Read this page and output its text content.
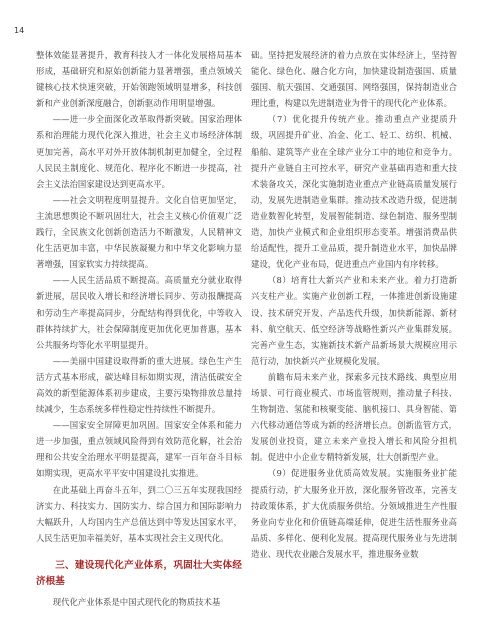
14

整体效能显著提升，教育科技人才一体化发展格局基本形成，基础研究和原始创新能力显著增强，重点领域关键核心技术快速突破，开始领跑领域明显增多，科技创新和产业创新深度融合，创新驱动作用明显增强。

——进一步全面深化改革取得新突破。国家治理体系和治理能力现代化深入推进，社会主义市场经济体制更加完善，高水平对外开放体制机制更加健全，全过程人民民主制度化、规范化、程序化不断进一步提高，社会主义法治国家建设达到更高水平。

——社会文明程度明显提升。文化自信更加坚定，主流思想舆论不断巩固壮大，社会主义核心价值观广泛践行，全民族文化创新创造活力不断激发，人民精神文化生活更加丰富，中华民族凝聚力和中华文化影响力显著增强，国家软实力持续提高。

——人民生活品质不断提高。高质量充分就业取得新进展，居民收入增长和经济增长同步、劳动报酬提高和劳动生产率提高同步，分配结构得到优化，中等收入群体持续扩大，社会保障制度更加优化更加普惠，基本公共服务均等化水平明显提升。

——美丽中国建设取得新的重大进展。绿色生产生活方式基本形成，碳达峰目标如期实现，清洁低碳安全高效的新型能源体系初步建成，主要污染物排放总量持续减少，生态系统多样性稳定性持续性不断提升。

——国家安全屏障更加巩固。国家安全体系和能力进一步加强，重点领域风险得到有效防范化解，社会治理和公共安全治理水平明显提高，建军一百年奋斗目标如期实现，更高水平平安中国建设扎实推进。

在此基础上再奋斗五年，到二〇三五年实现我国经济实力、科技实力、国防实力、综合国力和国际影响力大幅跃升，人均国内生产总值达到中等发达国家水平，人民生活更加幸福美好，基本实现社会主义现代化。

三、建设现代化产业体系，巩固壮大实体经济根基

现代化产业体系是中国式现代化的物质技术基

础。坚持把发展经济的着力点放在实体经济上，坚持智能化、绿色化、融合化方向，加快建设制造强国、质量强国、航天强国、交通强国、网络强国，保持制造业合理比重，构建以先进制造业为骨干的现代化产业体系。

（7）优化提升传统产业。推动重点产业提质升级，巩固提升矿业、冶金、化工、轻工、纺织、机械、船舶、建筑等产业在全球产业分工中的地位和竞争力。提升产业链自主可控水平，研究产业基础再造和重大技术装备攻关，深化实施制造业重点产业链高质量发展行动，发展先进制造业集群。推动技术改造升级，促进制造业数智化转型，发展智能制造、绿色制造、服务型制造，加快产业模式和企业组织形态变革。增强消费品供给适配性，提升工业品质，提升制造业水平，加快品牌建设，优化产业布局，促进重点产业国内有序转移。

（8）培育壮大新兴产业和未来产业。着力打造新兴支柱产业。实施产业创新工程，一体推进创新设施建设、技术研究开发、产品迭代升级，加快新能源、新材料、航空航天、低空经济等战略性新兴产业集群发展。完善产业生态，实施新技术新产品新场景大规模应用示范行动，加快新兴产业规模化发展。

前瞻布局未来产业，探索多元技术路线、典型应用场景、可行商业模式、市场监管规则，推动量子科技、生物制造、氢能和核聚变能、脑机接口、具身智能、第六代移动通信等成为新的经济增长点。创新监管方式，发展创业投资，建立未来产业投入增长和风险分担机制。促进中小企业专精特新发展，壮大创新型产业。

（9）促进服务业优质高效发展。实施服务业扩能提质行动，扩大服务业开放，深化服务管改革，完善支持政策体系，扩大优质服务供给。分领域推进生产性服务业向专业化和价值链高端延伸，促进生活性服务业高品质、多样化、便利化发展。提高现代服务业与先进制造业、现代农业融合发展水平，推进服务业数
